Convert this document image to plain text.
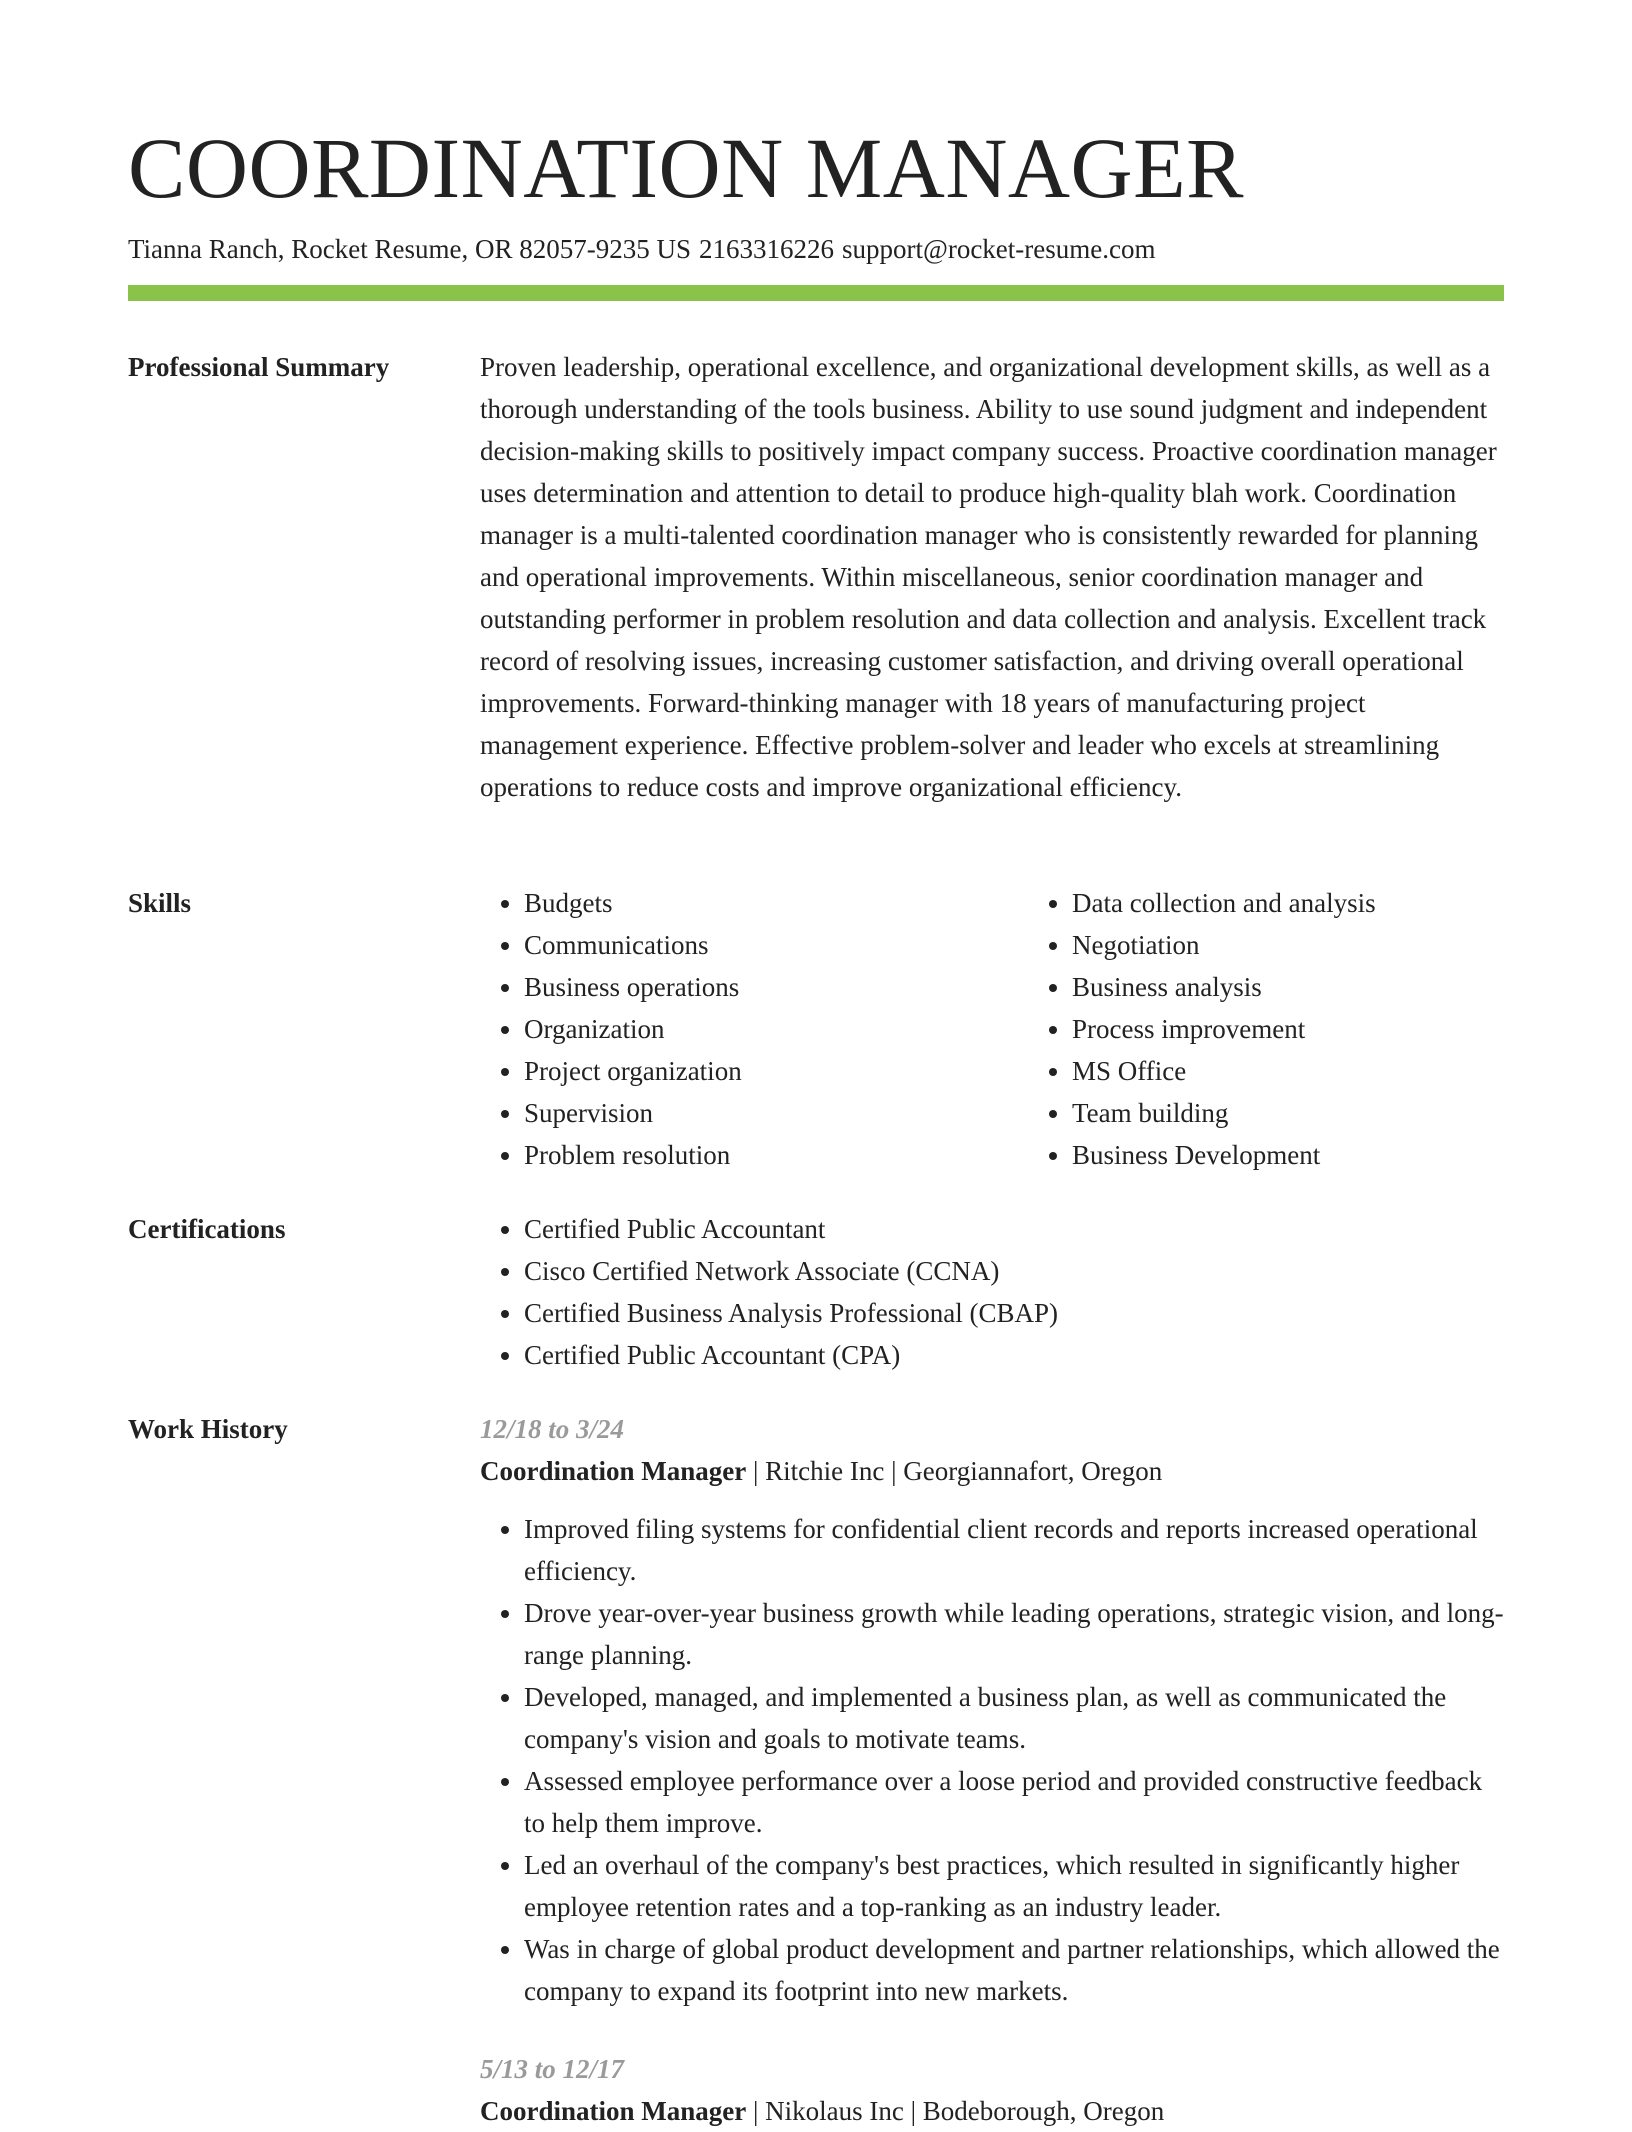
COORDINATION MANAGER
Tianna Ranch, Rocket Resume, OR 82057-9235 US 2163316226 support@rocket-resume.com
Professional Summary	Proven leadership, operational excellence, and organizational development skills, as well as a thorough understanding of the tools business. Ability to use sound judgment and independent decision-making skills to positively impact company success. Proactive coordination manager uses determination and attention to detail to produce high-quality blah work. Coordination manager is a multi-talented coordination manager who is consistently rewarded for planning and operational improvements. Within miscellaneous, senior coordination manager and outstanding performer in problem resolution and data collection and analysis. Excellent track record of resolving issues, increasing customer satisfaction, and driving overall operational improvements. Forward-thinking manager with 18 years of manufacturing project management experience. Effective problem-solver and leader who excels at streamlining operations to reduce costs and improve organizational efficiency.

Skills	• Budgets
• Communications
• Business operations
• Organization
• Project organization
• Supervision
• Problem resolution
• Data collection and analysis
• Negotiation
• Business analysis
• Process improvement
• MS Office
• Team building
• Business Development
Certifications	• Certified Public Accountant
• Cisco Certified Network Associate (CCNA)
• Certified Business Analysis Professional (CBAP)
• Certified Public Accountant (CPA)
Work History	12/18 to 3/24
Coordination Manager | Ritchie Inc | Georgiannafort, Oregon
• Improved filing systems for confidential client records and reports increased operational efficiency.
• Drove year-over-year business growth while leading operations, strategic vision, and long-range planning.
• Developed, managed, and implemented a business plan, as well as communicated the company's vision and goals to motivate teams.
• Assessed employee performance over a loose period and provided constructive feedback to help them improve.
• Led an overhaul of the company's best practices, which resulted in significantly higher employee retention rates and a top-ranking as an industry leader.
• Was in charge of global product development and partner relationships, which allowed the company to expand its footprint into new markets.
5/13 to 12/17
Coordination Manager | Nikolaus Inc | Bodeborough, Oregon
